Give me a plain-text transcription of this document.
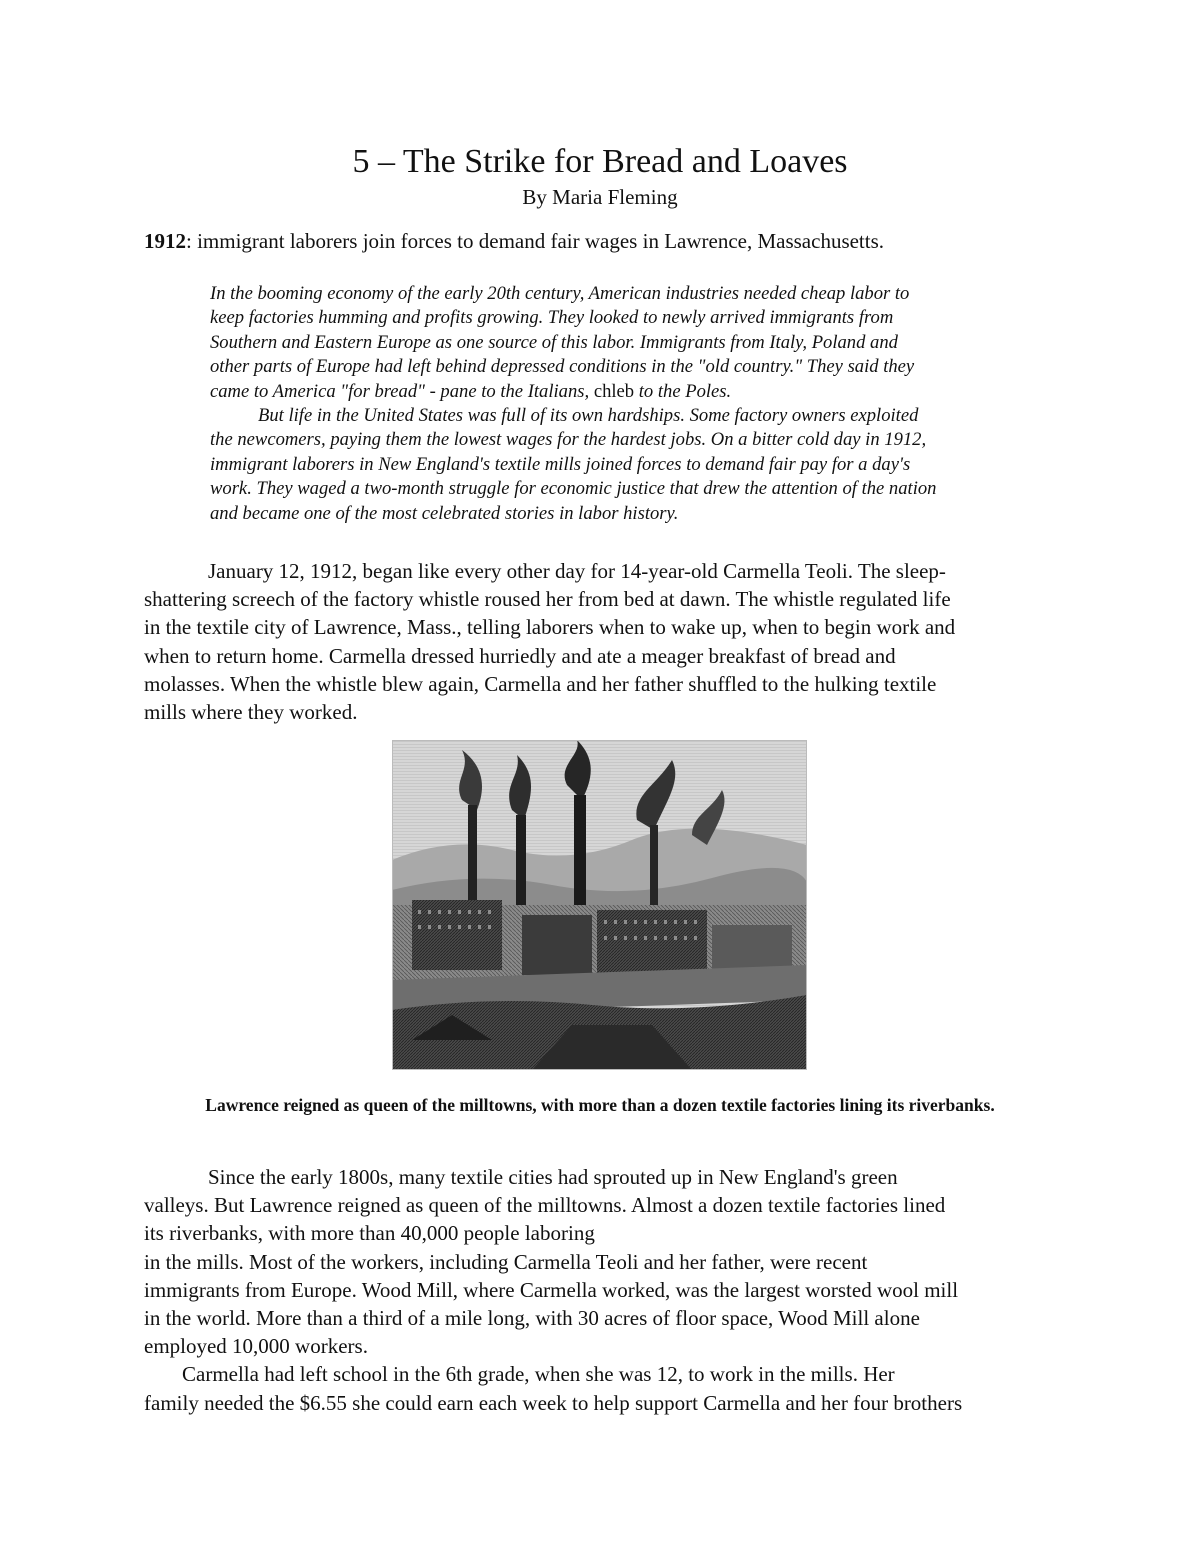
5 – The Strike for Bread and Loaves
By Maria Fleming
1912: immigrant laborers join forces to demand fair wages in Lawrence, Massachusetts.
In the booming economy of the early 20th century, American industries needed cheap labor to
keep factories humming and profits growing. They looked to newly arrived immigrants from
Southern and Eastern Europe as one source of this labor. Immigrants from Italy, Poland and
other parts of Europe had left behind depressed conditions in the "old country." They said they
came to America "for bread" - pane to the Italians, chleb to the Poles.
But life in the United States was full of its own hardships. Some factory owners exploited
the newcomers, paying them the lowest wages for the hardest jobs. On a bitter cold day in 1912,
immigrant laborers in New England's textile mills joined forces to demand fair pay for a day's
work. They waged a two-month struggle for economic justice that drew the attention of the nation
and became one of the most celebrated stories in labor history.
January 12, 1912, began like every other day for 14-year-old Carmella Teoli. The sleep-
shattering screech of the factory whistle roused her from bed at dawn. The whistle regulated life
in the textile city of Lawrence, Mass., telling laborers when to wake up, when to begin work and
when to return home. Carmella dressed hurriedly and ate a meager breakfast of bread and
molasses. When the whistle blew again, Carmella and her father shuffled to the hulking textile
mills where they worked.
Lawrence reigned as queen of the milltowns, with more than a dozen textile factories lining its riverbanks.
Since the early 1800s, many textile cities had sprouted up in New England's green
valleys. But Lawrence reigned as queen of the milltowns. Almost a dozen textile factories lined
its riverbanks, with more than 40,000 people laboring
in the mills. Most of the workers, including Carmella Teoli and her father, were recent
immigrants from Europe. Wood Mill, where Carmella worked, was the largest worsted wool mill
in the world. More than a third of a mile long, with 30 acres of floor space, Wood Mill alone
employed 10,000 workers.
Carmella had left school in the 6th grade, when she was 12, to work in the mills. Her
family needed the $6.55 she could earn each week to help support Carmella and her four brothers
